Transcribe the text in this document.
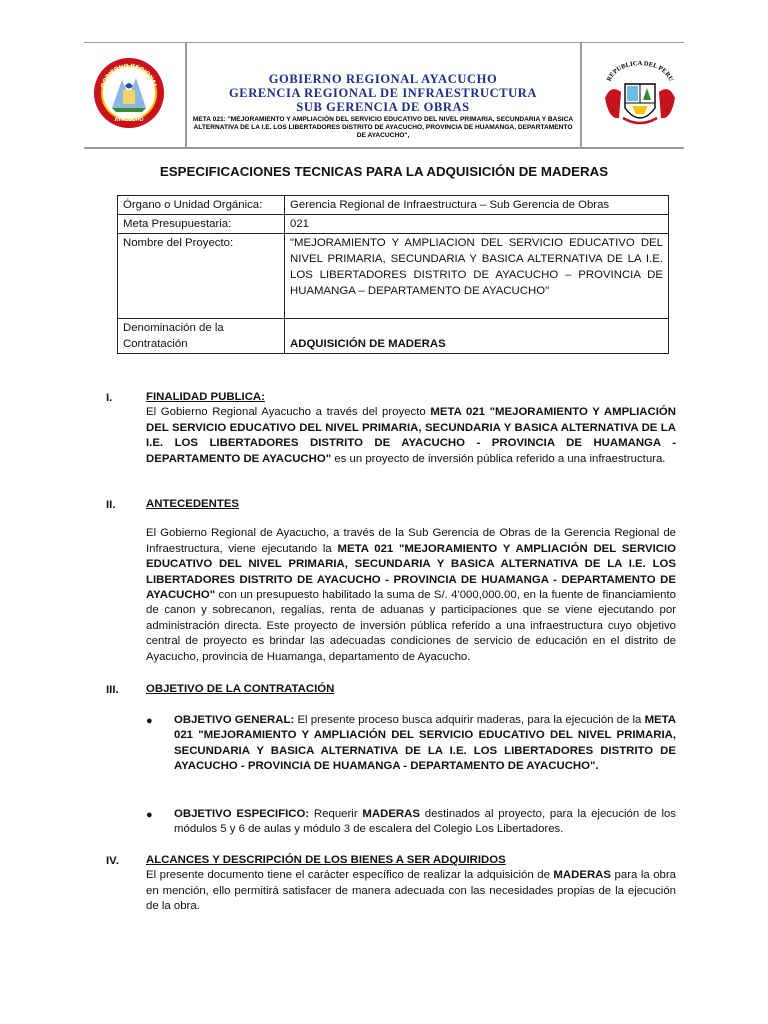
GOBIERNO REGIONAL AYACUCHO
GERENCIA REGIONAL DE INFRAESTRUCTURA
SUB GERENCIA DE OBRAS
META 021: "MEJORAMIENTO Y AMPLIACIÓN DEL SERVICIO EDUCATIVO DEL NIVEL PRIMARIA, SECUNDARIA Y BASICA ALTERNATIVA DE LA I.E. LOS LIBERTADORES DISTRITO DE AYACUCHO, PROVINCIA DE HUAMANGA, DEPARTAMENTO DE AYACUCHO",
GOBIERNO REGIONAL
AYACUCHO
REPUBLICA DEL PERU
ESPECIFICACIONES TECNICAS PARA LA ADQUISICIÓN DE MADERAS
Órgano o Unidad Orgánica:	Gerencia Regional de Infraestructura – Sub Gerencia de Obras
Meta Presupuestaria:	021
Nombre del Proyecto:	"MEJORAMIENTO Y AMPLIACION DEL SERVICIO EDUCATIVO DEL NIVEL PRIMARIA, SECUNDARIA Y BASICA ALTERNATIVA DE LA I.E. LOS LIBERTADORES DISTRITO DE AYACUCHO – PROVINCIA DE HUAMANGA – DEPARTAMENTO DE AYACUCHO"
Denominación de la Contratación	ADQUISICIÓN DE MADERAS
I.	FINALIDAD PUBLICA:
El Gobierno Regional Ayacucho a través del proyecto META 021 "MEJORAMIENTO Y AMPLIACIÓN DEL SERVICIO EDUCATIVO DEL NIVEL PRIMARIA, SECUNDARIA Y BASICA ALTERNATIVA DE LA I.E. LOS LIBERTADORES DISTRITO DE AYACUCHO - PROVINCIA DE HUAMANGA - DEPARTAMENTO DE AYACUCHO" es un proyecto de inversión pública referido a una infraestructura.
II.	ANTECEDENTES
El Gobierno Regional de Ayacucho, a través de la Sub Gerencia de Obras de la Gerencia Regional de Infraestructura, viene ejecutando la META 021 "MEJORAMIENTO Y AMPLIACIÓN DEL SERVICIO EDUCATIVO DEL NIVEL PRIMARIA, SECUNDARIA Y BASICA ALTERNATIVA DE LA I.E. LOS LIBERTADORES DISTRITO DE AYACUCHO - PROVINCIA DE HUAMANGA - DEPARTAMENTO DE AYACUCHO" con un presupuesto habilitado la suma de S/. 4'000,000.00, en la fuente de financiamiento de canon y sobrecanon, regalías, renta de aduanas y participaciones que se viene ejecutando por administración directa. Este proyecto de inversión pública referido a una infraestructura cuyo objetivo central de proyecto es brindar las adecuadas condiciones de servicio de educación en el distrito de Ayacucho, provincia de Huamanga, departamento de Ayacucho.
III. OBJETIVO DE LA CONTRATACIÓN
● OBJETIVO GENERAL: El presente proceso busca adquirir maderas, para la ejecución de la META 021 "MEJORAMIENTO Y AMPLIACIÓN DEL SERVICIO EDUCATIVO DEL NIVEL PRIMARIA, SECUNDARIA Y BASICA ALTERNATIVA DE LA I.E. LOS LIBERTADORES DISTRITO DE AYACUCHO - PROVINCIA DE HUAMANGA - DEPARTAMENTO DE AYACUCHO".
● OBJETIVO ESPECIFICO: Requerir MADERAS destinados al proyecto, para la ejecución de los módulos 5 y 6 de aulas y módulo 3 de escalera del Colegio Los Libertadores.
IV. ALCANCES Y DESCRIPCIÓN DE LOS BIENES A SER ADQUIRIDOS
El presente documento tiene el carácter específico de realizar la adquisición de MADERAS para la obra en mención, ello permitirá satisfacer de manera adecuada con las necesidades propias de la ejecución de la obra.
